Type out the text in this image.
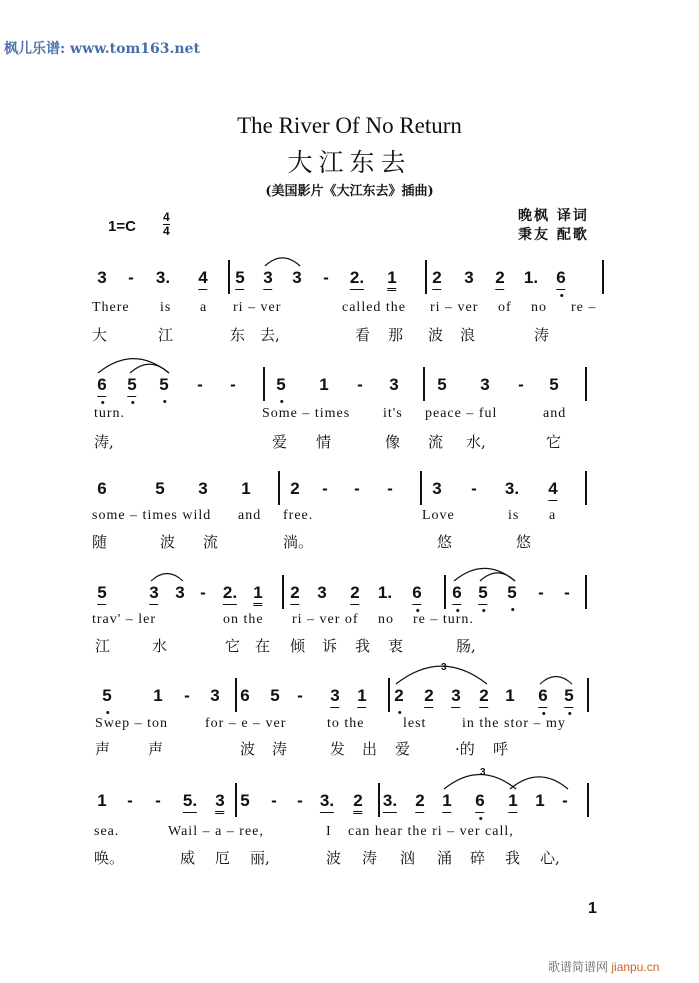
枫儿乐谱: www.tom163.net
The River Of No Return
大江东去
(美国影片《大江东去》插曲)
1=C
4
4
晚枫 译词
秉友 配歌
3 - 3. 4 5 3 3 - 2. 1 2 3 2 1. 6
There is a ri – ver	called the ri – ver of no re –
大	江	东 去,	看 那 波 浪	涛
6 5 5 - - 5 1 - 3 5 3 - 5
turn.	Some – times it's peace – ful	and
涛,	爱 情	像 流 水,	它
6	5 3 1 2 - - - 3 - 3. 4
some – times wild and free.	Love	is a
随	波 流	淌。	悠	悠
5	3 3 - 2. 1 2 3 2 1. 6 6 5 5 - -
trav' – ler	on the ri – ver of no re – turn.
江	水	它 在 倾 诉 我 衷	肠,
5 1 - 3 6 5 - 3 1 2 2 3 2 1 6 5
Swep – ton	for – e – ver	to the	lest	in the stor – my
声	声	波 涛	发 出 爱	·的 呼
1 - - 5. 3 5 - - 3. 2 3. 2 1 6 1 1 -
sea.	Wail – a – ree,	I can hear the ri – ver call,
唤。	威 厄 丽,	波 涛 汹 涌 碎 我 心,
3
3
1
歌谱简谱网 jianpu.cn
